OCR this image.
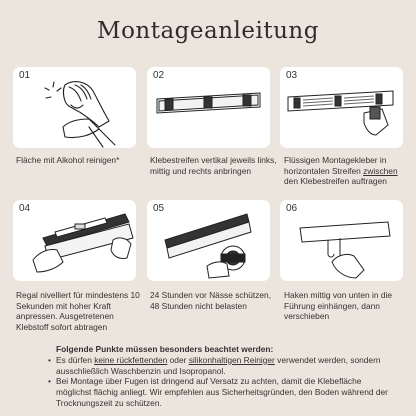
Montageanleitung
01
Fläche mit Alkohol reinigen*
02
Klebestreifen vertikal jeweils links, mittig und rechts anbringen
03
Flüssigen Montagekleber in horizontalen Streifen zwischen den Klebestreifen auftragen
04
Regal nivelliert für mindestens 10 Sekunden mit hoher Kraft anpressen. Ausgetretenen Klebstoff sofort abtragen
05
24 Stunden vor Nässe schützen, 48 Stunden nicht belasten
06
Haken mittig von unten in die Führung einhängen, dann verschieben
Folgende Punkte müssen besonders beachtet werden:
• Es dürfen keine rückfettenden oder silikonhaltigen Reiniger verwendet werden, sondern ausschließlich Waschbenzin und Isopropanol.
• Bei Montage über Fugen ist dringend auf Versatz zu achten, damit die Klebefläche möglichst flächig anliegt. Wir empfehlen aus Sicherheitsgründen, den Boden während der Trocknungszeit zu schützen.
